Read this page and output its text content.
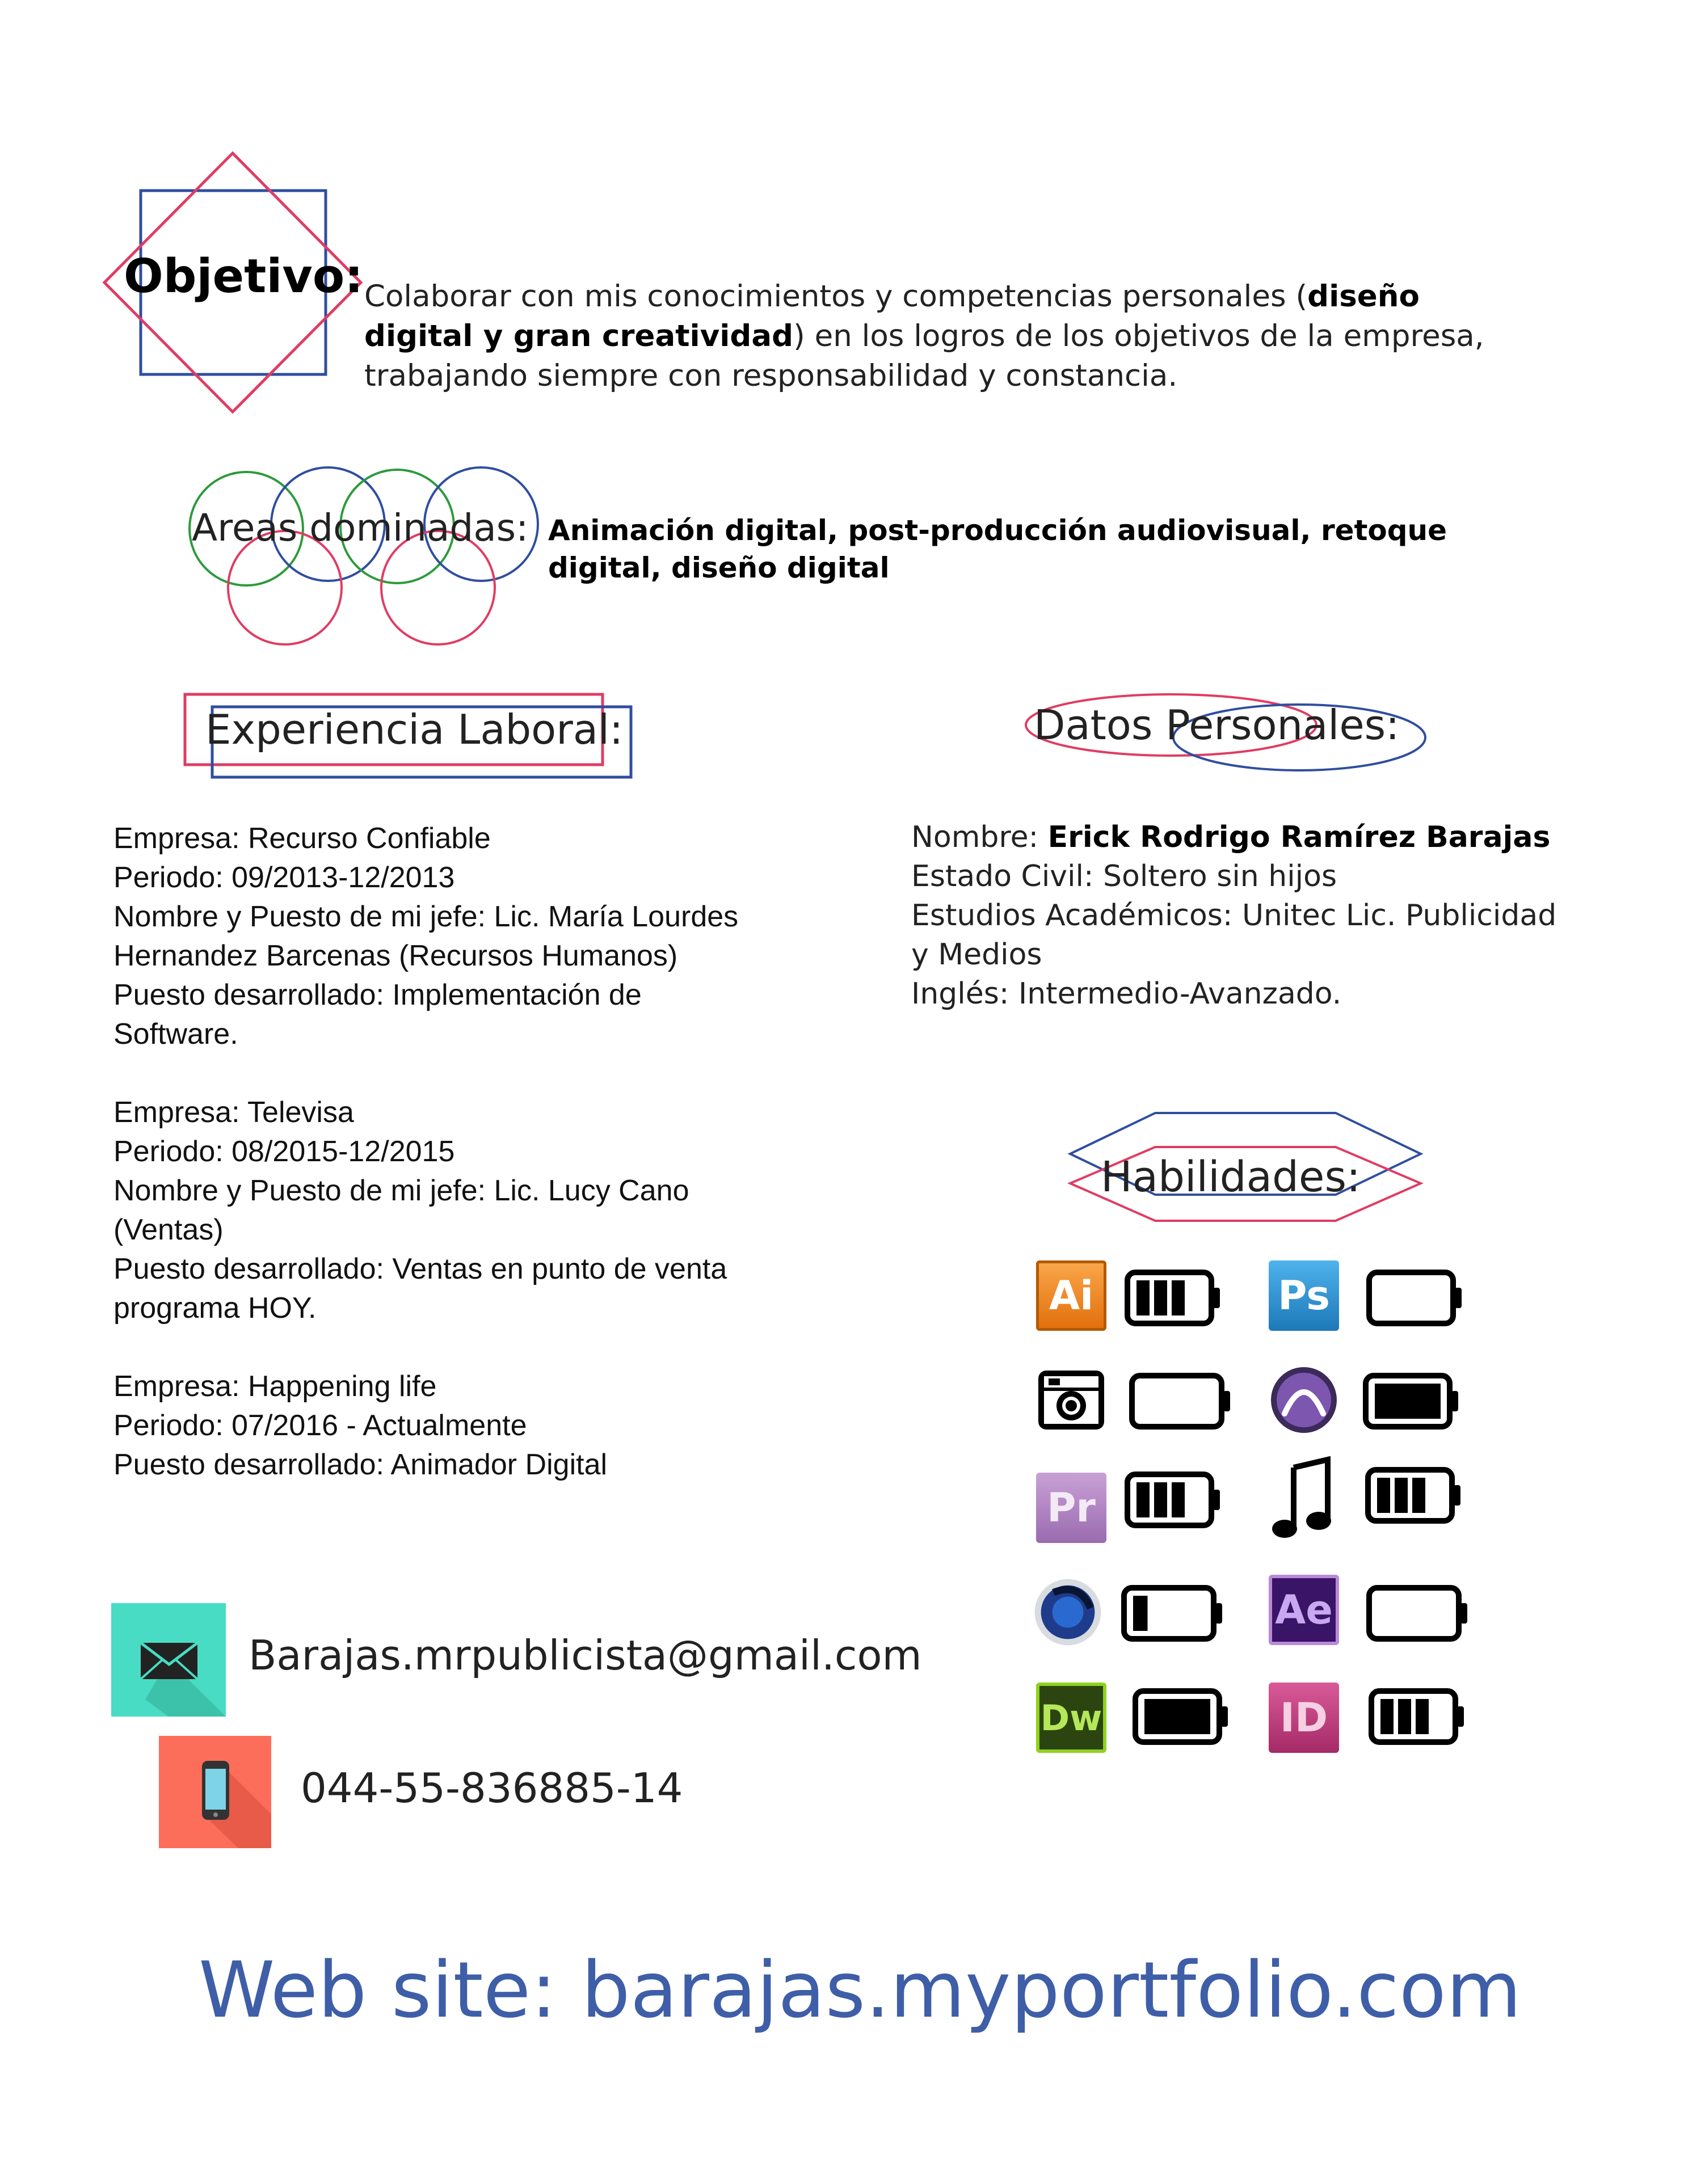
Objetivo: Colaborar con mis conocimientos y competencias personales (diseño
digital y gran creatividad) en los logros de los objetivos de la empresa,
trabajando siempre con responsabilidad y constancia.
Areas dominadas: Animación digital, post-producción audiovisual, retoque digital, diseño digital
Experiencia Laboral:
Empresa: Recurso Confiable
Periodo: 09/2013-12/2013
Nombre y Puesto de mi jefe: Lic. María Lourdes
Hernandez Barcenas (Recursos Humanos)
Puesto desarrollado: Implementación de
Software.
Empresa: Televisa
Periodo: 08/2015-12/2015
Nombre y Puesto de mi jefe: Lic. Lucy Cano
(Ventas)
Puesto desarrollado: Ventas en punto de venta
programa HOY.
Empresa: Happening life
Periodo: 07/2016 - Actualmente
Puesto desarrollado: Animador Digital
Datos Personales:
Nombre: Erick Rodrigo Ramírez Barajas
Estado Civil: Soltero sin hijos
Estudios Académicos: Unitec Lic. Publicidad
y Medios
Inglés: Intermedio-Avanzado.
Habilidades:
Ai	Ps
Pr
Ae
Dw	ID
Barajas.mrpublicista@gmail.com
044-55-836885-14
Web site: barajas.myportfolio.com
